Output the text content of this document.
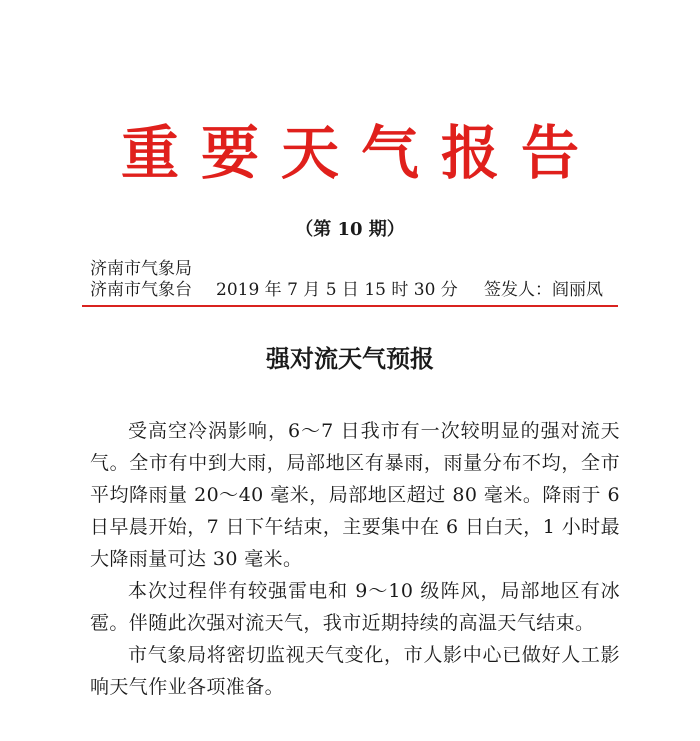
重要天气报告
（第 10 期）
济南市气象局
济南市气象台 2019 年 7 月 5 日 15 时 30 分 签发人：阎丽凤
强对流天气预报

受高空冷涡影响，6～7 日我市有一次较明显的强对流天气。全市有中到大雨，局部地区有暴雨，雨量分布不均，全市平均降雨量 20～40 毫米，局部地区超过 80 毫米。降雨于 6 日早晨开始，7 日下午结束，主要集中在 6 日白天，1 小时最大降雨量可达 30 毫米。

本次过程伴有较强雷电和 9～10 级阵风，局部地区有冰雹。伴随此次强对流天气，我市近期持续的高温天气结束。

市气象局将密切监视天气变化，市人影中心已做好人工影响天气作业各项准备。
